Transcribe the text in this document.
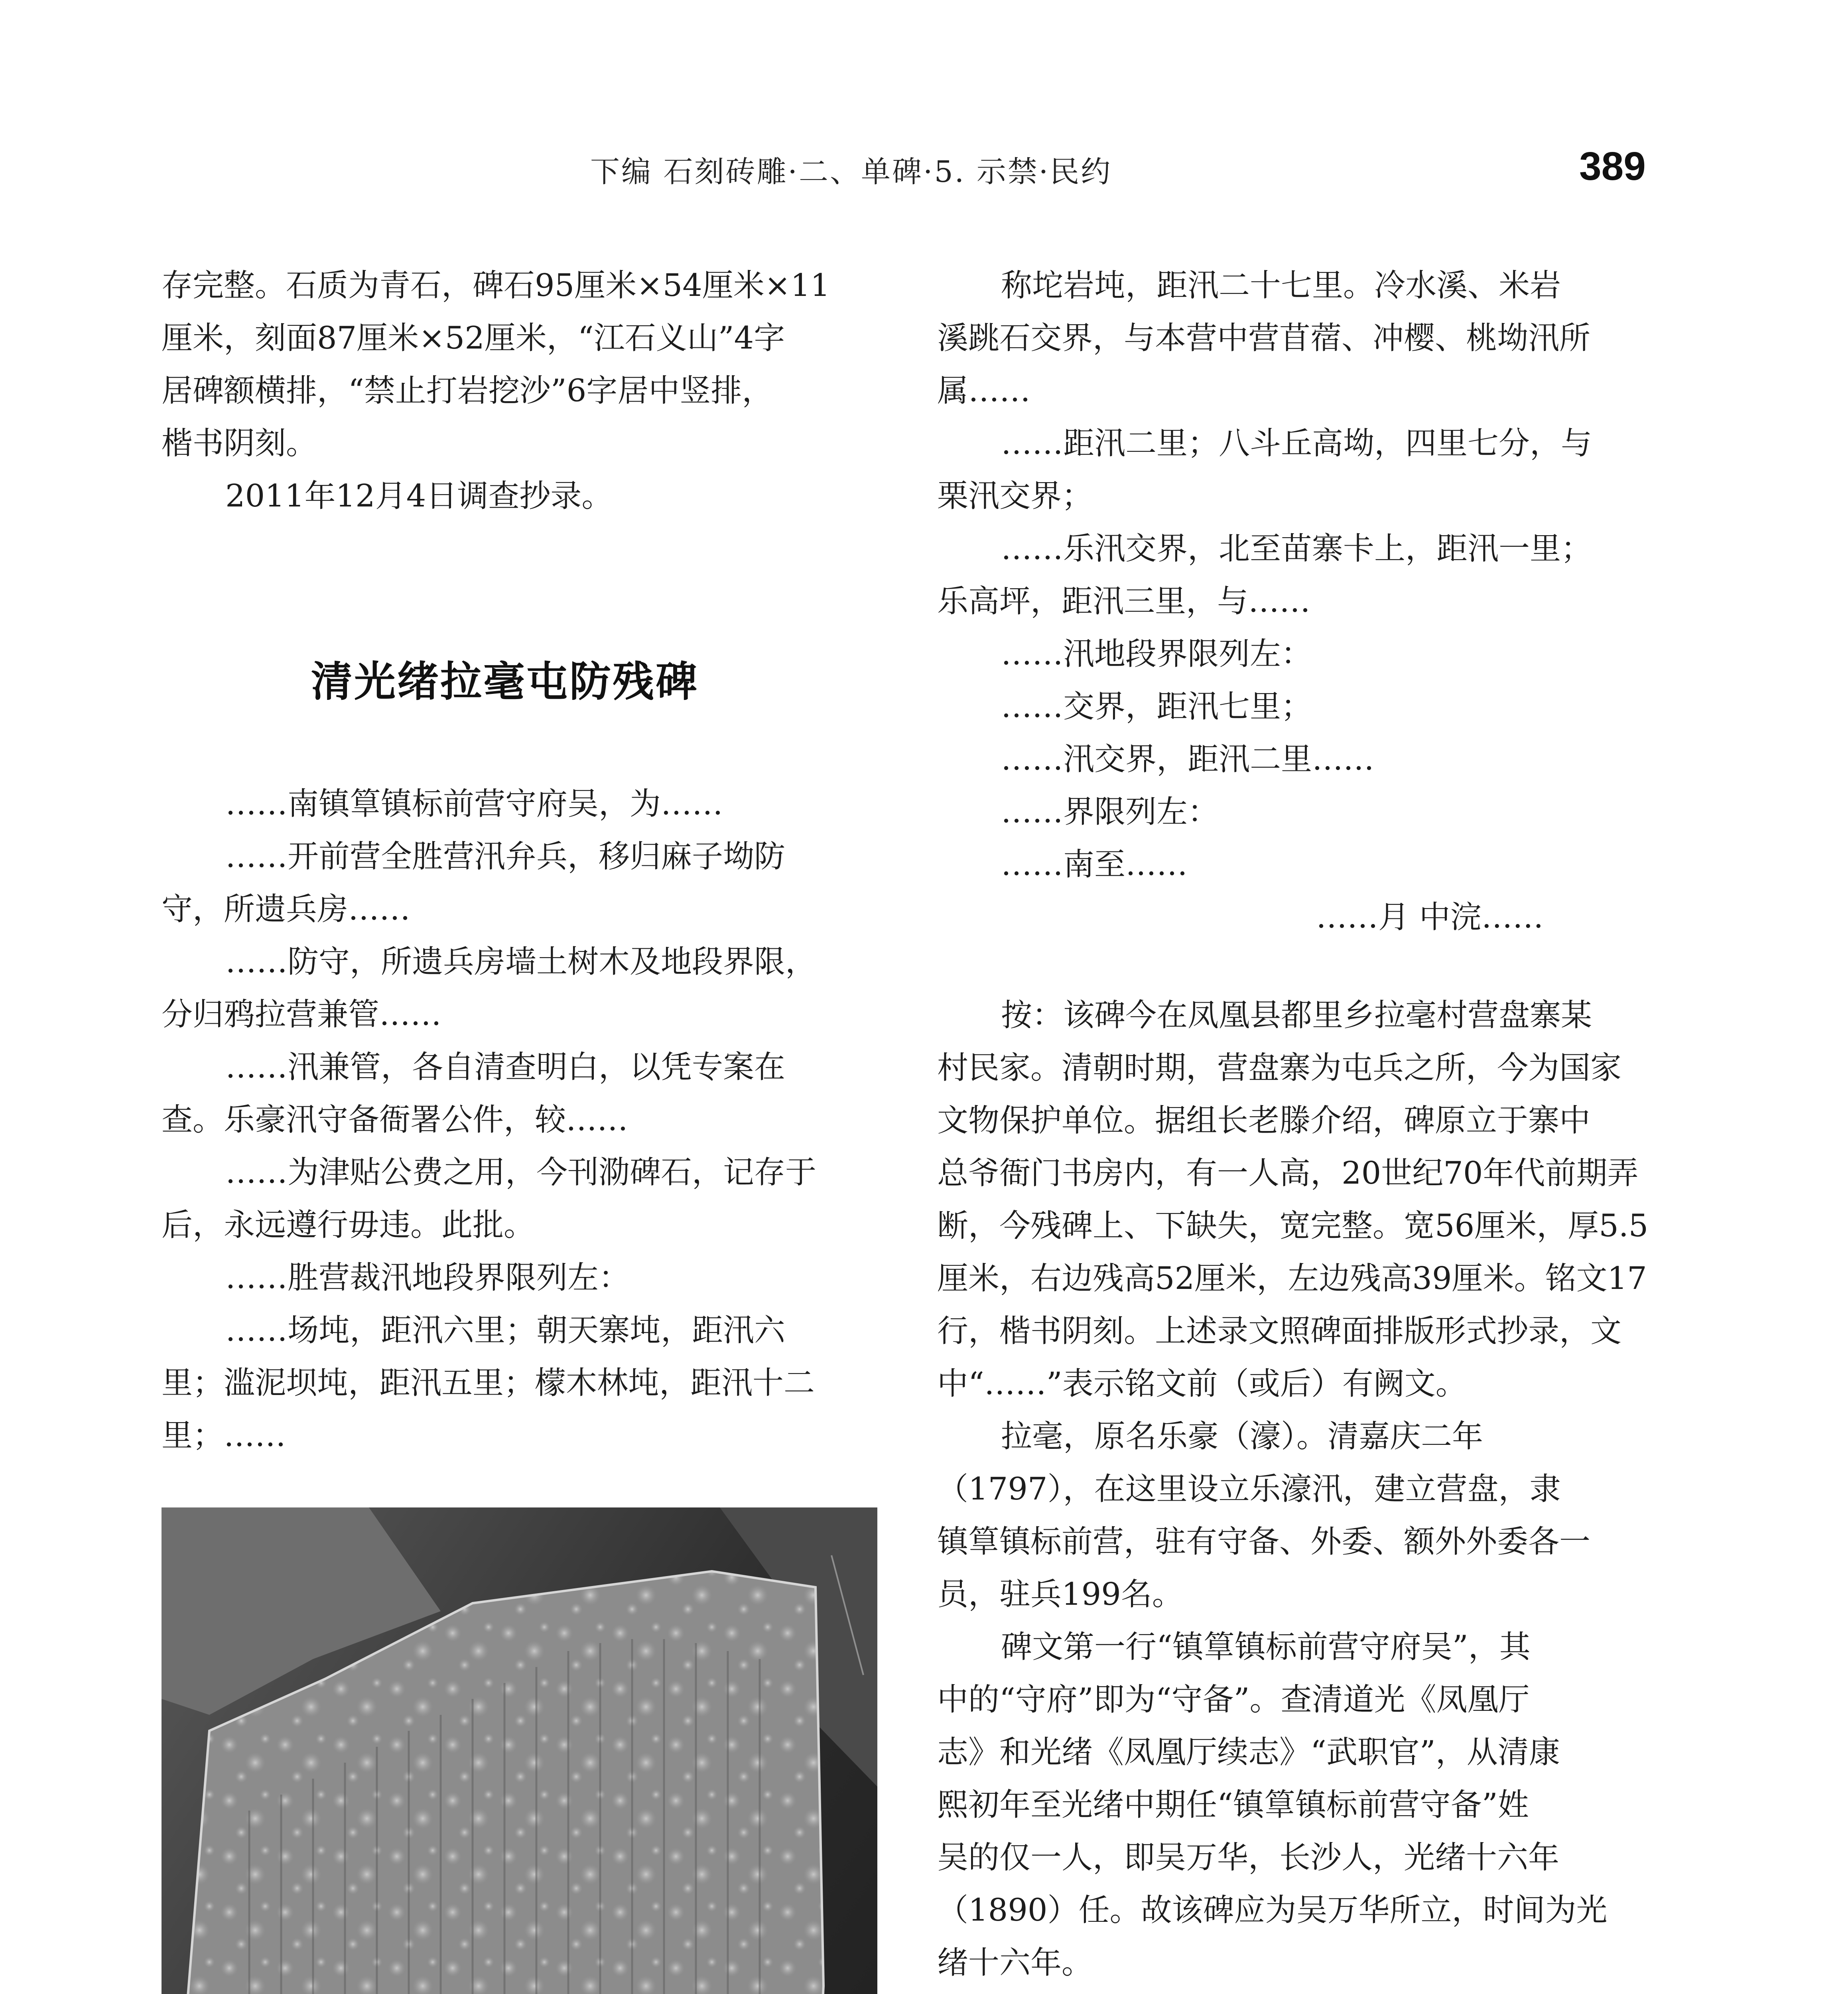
下编 石刻砖雕·二、单碑·5. 示禁·民约	389
存完整。石质为青石，碑石95厘米×54厘米×11
厘米，刻面87厘米×52厘米，“江石义山”4字
居碑额横排，“禁止打岩挖沙”6字居中竖排，
楷书阴刻。
2011年12月4日调查抄录。
清光绪拉毫屯防残碑
……南镇筸镇标前营守府吴，为……
……开前营全胜营汛弁兵，移归麻子坳防
守，所遗兵房……
……防守，所遗兵房墙土树木及地段界限，
分归鸦拉营兼管……
……汛兼管，各自清查明白，以凭专案在
查。乐豪汛守备衙署公件，较……
……为津贴公费之用，今刊泐碑石，记存于
后，永远遵行毋违。此批。
……胜营裁汛地段界限列左：
……场坉，距汛六里；朝天寨坉，距汛六
里；滥泥坝坉，距汛五里；檬木林坉，距汛十二
里；……
称坨岩坉，距汛二十七里。冷水溪、米岩
溪跳石交界，与本营中营苜蓿、冲樱、桃坳汛所
属……
……距汛二里；八斗丘高坳，四里七分，与
栗汛交界；
……乐汛交界，北至苗寨卡上，距汛一里；
乐高坪，距汛三里，与……
……汛地段界限列左：
……交界，距汛七里；
……汛交界，距汛二里……
……界限列左：
……南至……
……月 中浣……
按：该碑今在凤凰县都里乡拉毫村营盘寨某
村民家。清朝时期，营盘寨为屯兵之所，今为国家
文物保护单位。据组长老滕介绍，碑原立于寨中
总爷衙门书房内，有一人高，20世纪70年代前期弄
断，今残碑上、下缺失，宽完整。宽56厘米，厚5.5
厘米，右边残高52厘米，左边残高39厘米。铭文17
行，楷书阴刻。上述录文照碑面排版形式抄录，文
中“……”表示铭文前（或后）有阙文。
拉毫，原名乐豪（濠）。清嘉庆二年
（1797），在这里设立乐濠汛，建立营盘，隶
镇筸镇标前营，驻有守备、外委、额外外委各一
员，驻兵199名。
碑文第一行“镇筸镇标前营守府吴”，其
中的“守府”即为“守备”。查清道光《凤凰厅
志》和光绪《凤凰厅续志》“武职官”，从清康
熙初年至光绪中期任“镇筸镇标前营守备”姓
吴的仅一人，即吴万华，长沙人，光绪十六年
（1890）任。故该碑应为吴万华所立，时间为光
绪十六年。
